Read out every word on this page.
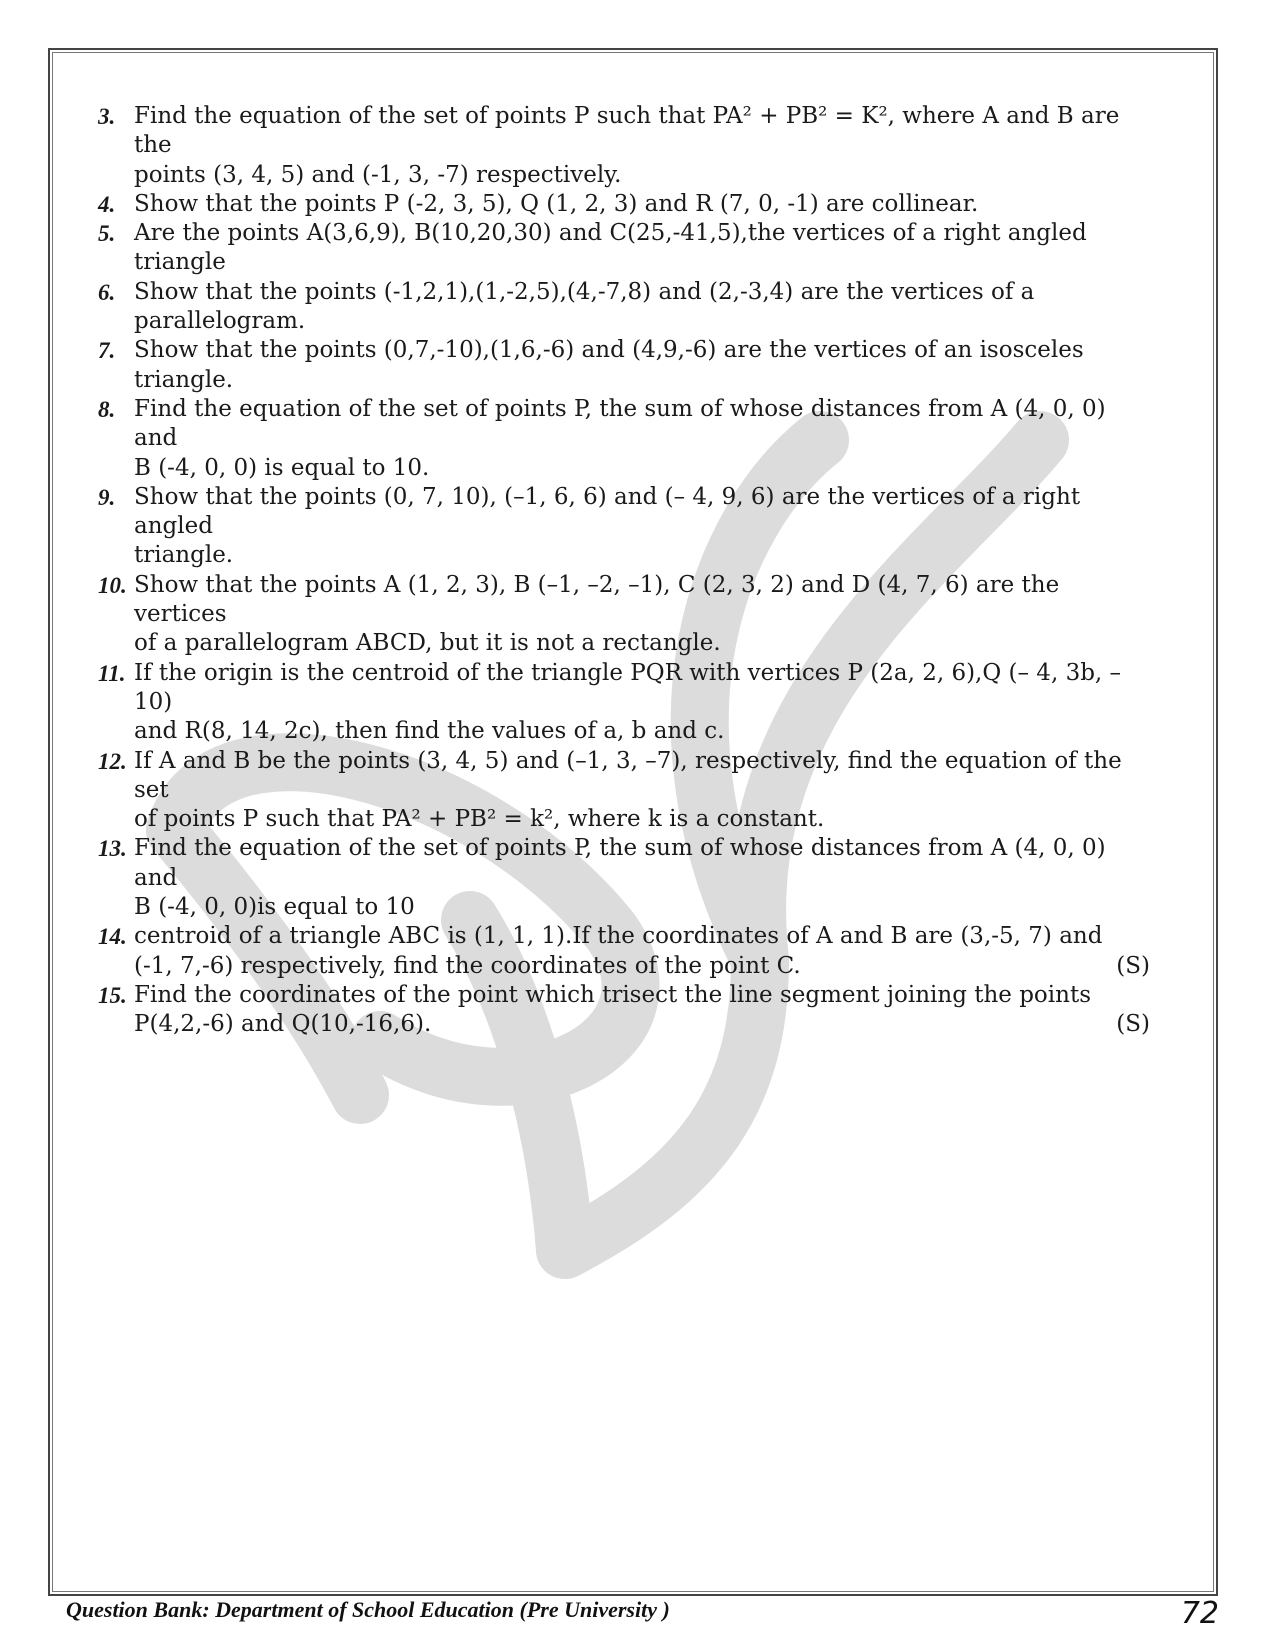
3. Find the equation of the set of points P such that PA² + PB² = K², where A and B are the
points (3, 4, 5) and (-1, 3, -7) respectively.
4. Show that the points P (-2, 3, 5), Q (1, 2, 3) and R (7, 0, -1) are collinear.
5. Are the points A(3,6,9), B(10,20,30) and C(25,-41,5),the vertices of a right angled
triangle
6. Show that the points (-1,2,1),(1,-2,5),(4,-7,8) and (2,-3,4) are the vertices of a
parallelogram.
7. Show that the points (0,7,-10),(1,6,-6) and (4,9,-6) are the vertices of an isosceles
triangle.
8. Find the equation of the set of points P, the sum of whose distances from A (4, 0, 0) and
B (-4, 0, 0) is equal to 10.
9. Show that the points (0, 7, 10), (–1, 6, 6) and (– 4, 9, 6) are the vertices of a right angled
triangle.
10. Show that the points A (1, 2, 3), B (–1, –2, –1), C (2, 3, 2) and D (4, 7, 6) are the vertices
of a parallelogram ABCD, but it is not a rectangle.
11. If the origin is the centroid of the triangle PQR with vertices P (2a, 2, 6),Q (– 4, 3b, –10)
and R(8, 14, 2c), then find the values of a, b and c.
12. If A and B be the points (3, 4, 5) and (–1, 3, –7), respectively, find the equation of the set
of points P such that PA² + PB² = k², where k is a constant.
13. Find the equation of the set of points P, the sum of whose distances from A (4, 0, 0) and
B (-4, 0, 0)is equal to 10
14. centroid of a triangle ABC is (1, 1, 1).If the coordinates of A and B are (3,-5, 7) and
(-1, 7,-6) respectively, find the coordinates of the point C.	(S)
15. Find the coordinates of the point which trisect the line segment joining the points
P(4,2,-6) and Q(10,-16,6).	(S)
Question Bank: Department of School Education (Pre University )	72
